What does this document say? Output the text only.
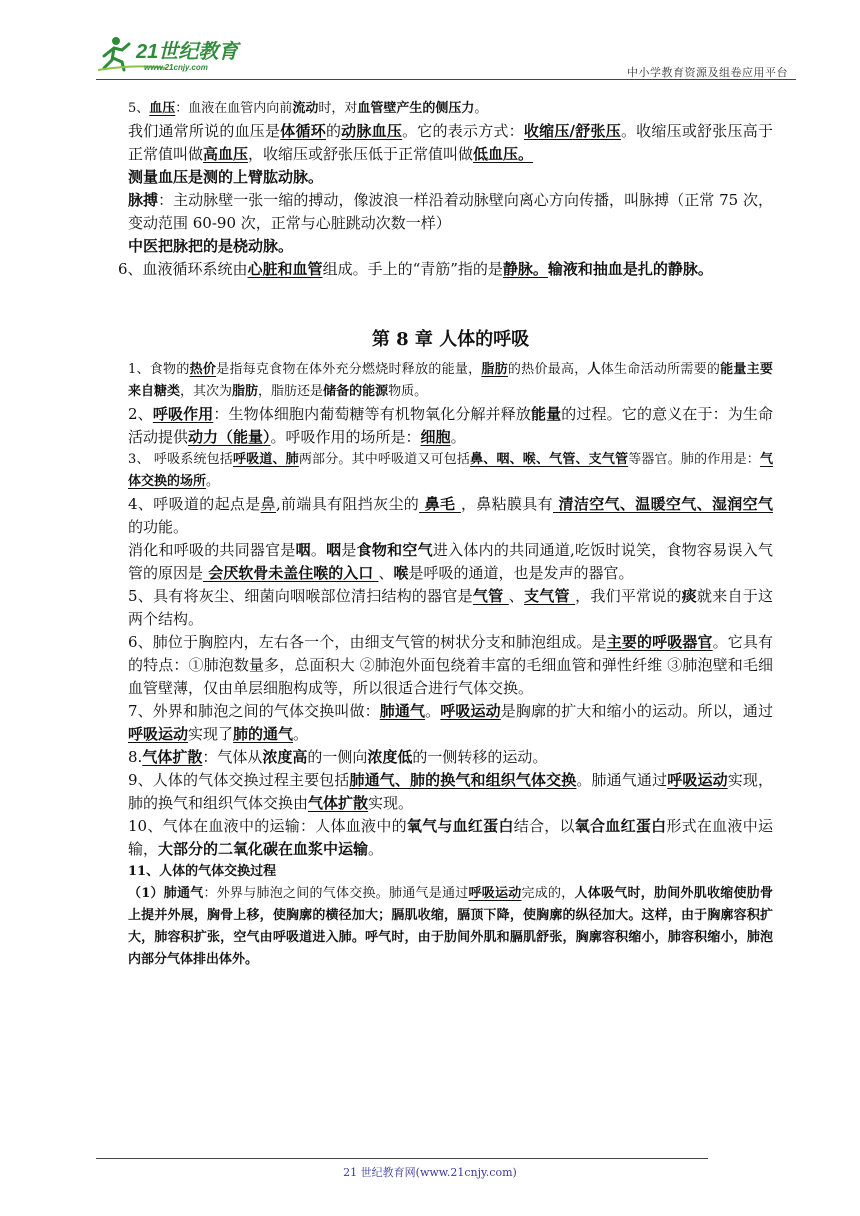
21世纪教育
www.21cnjy.com	中小学教育资源及组卷应用平台

5、血压：血液在血管内向前流动时，对血管壁产生的侧压力。

我们通常所说的血压是体循环的动脉血压。它的表示方式：收缩压/舒张压。收缩压或舒张压高于正常值叫做高血压，收缩压或舒张压低于正常值叫做低血压。

测量血压是测的上臂肱动脉。

脉搏：主动脉壁一张一缩的搏动，像波浪一样沿着动脉壁向离心方向传播，叫脉搏（正常 75 次，变动范围 60-90 次，正常与心脏跳动次数一样）

中医把脉把的是桡动脉。

6、血液循环系统由心脏和血管组成。手上的“青筋”指的是静脉。输液和抽血是扎的静脉。

第 8 章 人体的呼吸

1、食物的热价是指每克食物在体外充分燃烧时释放的能量，脂肪的热价最高，人体生命活动所需要的能量主要来自糖类，其次为脂肪，脂肪还是储备的能源物质。

2、呼吸作用：生物体细胞内葡萄糖等有机物氧化分解并释放能量的过程。它的意义在于：为生命活动提供动力（能量）。呼吸作用的场所是：细胞。

3、 呼吸系统包括呼吸道、肺两部分。其中呼吸道又可包括鼻、咽、喉、气管、支气管等器官。肺的作用是：气体交换的场所。

4、呼吸道的起点是鼻,前端具有阻挡灰尘的 鼻毛 ，鼻粘膜具有 清洁空气、温暖空气、湿润空气 的功能。

消化和呼吸的共同器官是咽。咽是食物和空气进入体内的共同通道,吃饭时说笑，食物容易误入气管的原因是 会厌软骨未盖住喉的入口 、喉是呼吸的通道，也是发声的器官。

5、具有将灰尘、细菌向咽喉部位清扫结构的器官是气管 、支气管 ，我们平常说的痰就来自于这两个结构。

6、肺位于胸腔内，左右各一个，由细支气管的树状分支和肺泡组成。是主要的呼吸器官。它具有的特点：①肺泡数量多，总面积大 ②肺泡外面包绕着丰富的毛细血管和弹性纤维 ③肺泡壁和毛细血管壁薄，仅由单层细胞构成等，所以很适合进行气体交换。

7、外界和肺泡之间的气体交换叫做：肺通气。呼吸运动是胸廓的扩大和缩小的运动。所以，通过呼吸运动实现了肺的通气。

8.气体扩散：气体从浓度高的一侧向浓度低的一侧转移的运动。

9、人体的气体交换过程主要包括肺通气、肺的换气和组织气体交换。肺通气通过呼吸运动实现，肺的换气和组织气体交换由气体扩散实现。

10、气体在血液中的运输：人体血液中的氧气与血红蛋白结合，以氧合血红蛋白形式在血液中运输，大部分的二氧化碳在血浆中运输。

11、人体的气体交换过程

（1）肺通气：外界与肺泡之间的气体交换。肺通气是通过呼吸运动完成的，人体吸气时，肋间外肌收缩使肋骨上提并外展，胸骨上移，使胸廓的横径加大；膈肌收缩，膈顶下降，使胸廓的纵径加大。这样，由于胸廓容积扩大，肺容积扩张，空气由呼吸道进入肺。呼气时，由于肋间外肌和膈肌舒张，胸廓容积缩小，肺容积缩小，肺泡内部分气体排出体外。

21 世纪教育网(www.21cnjy.com)
